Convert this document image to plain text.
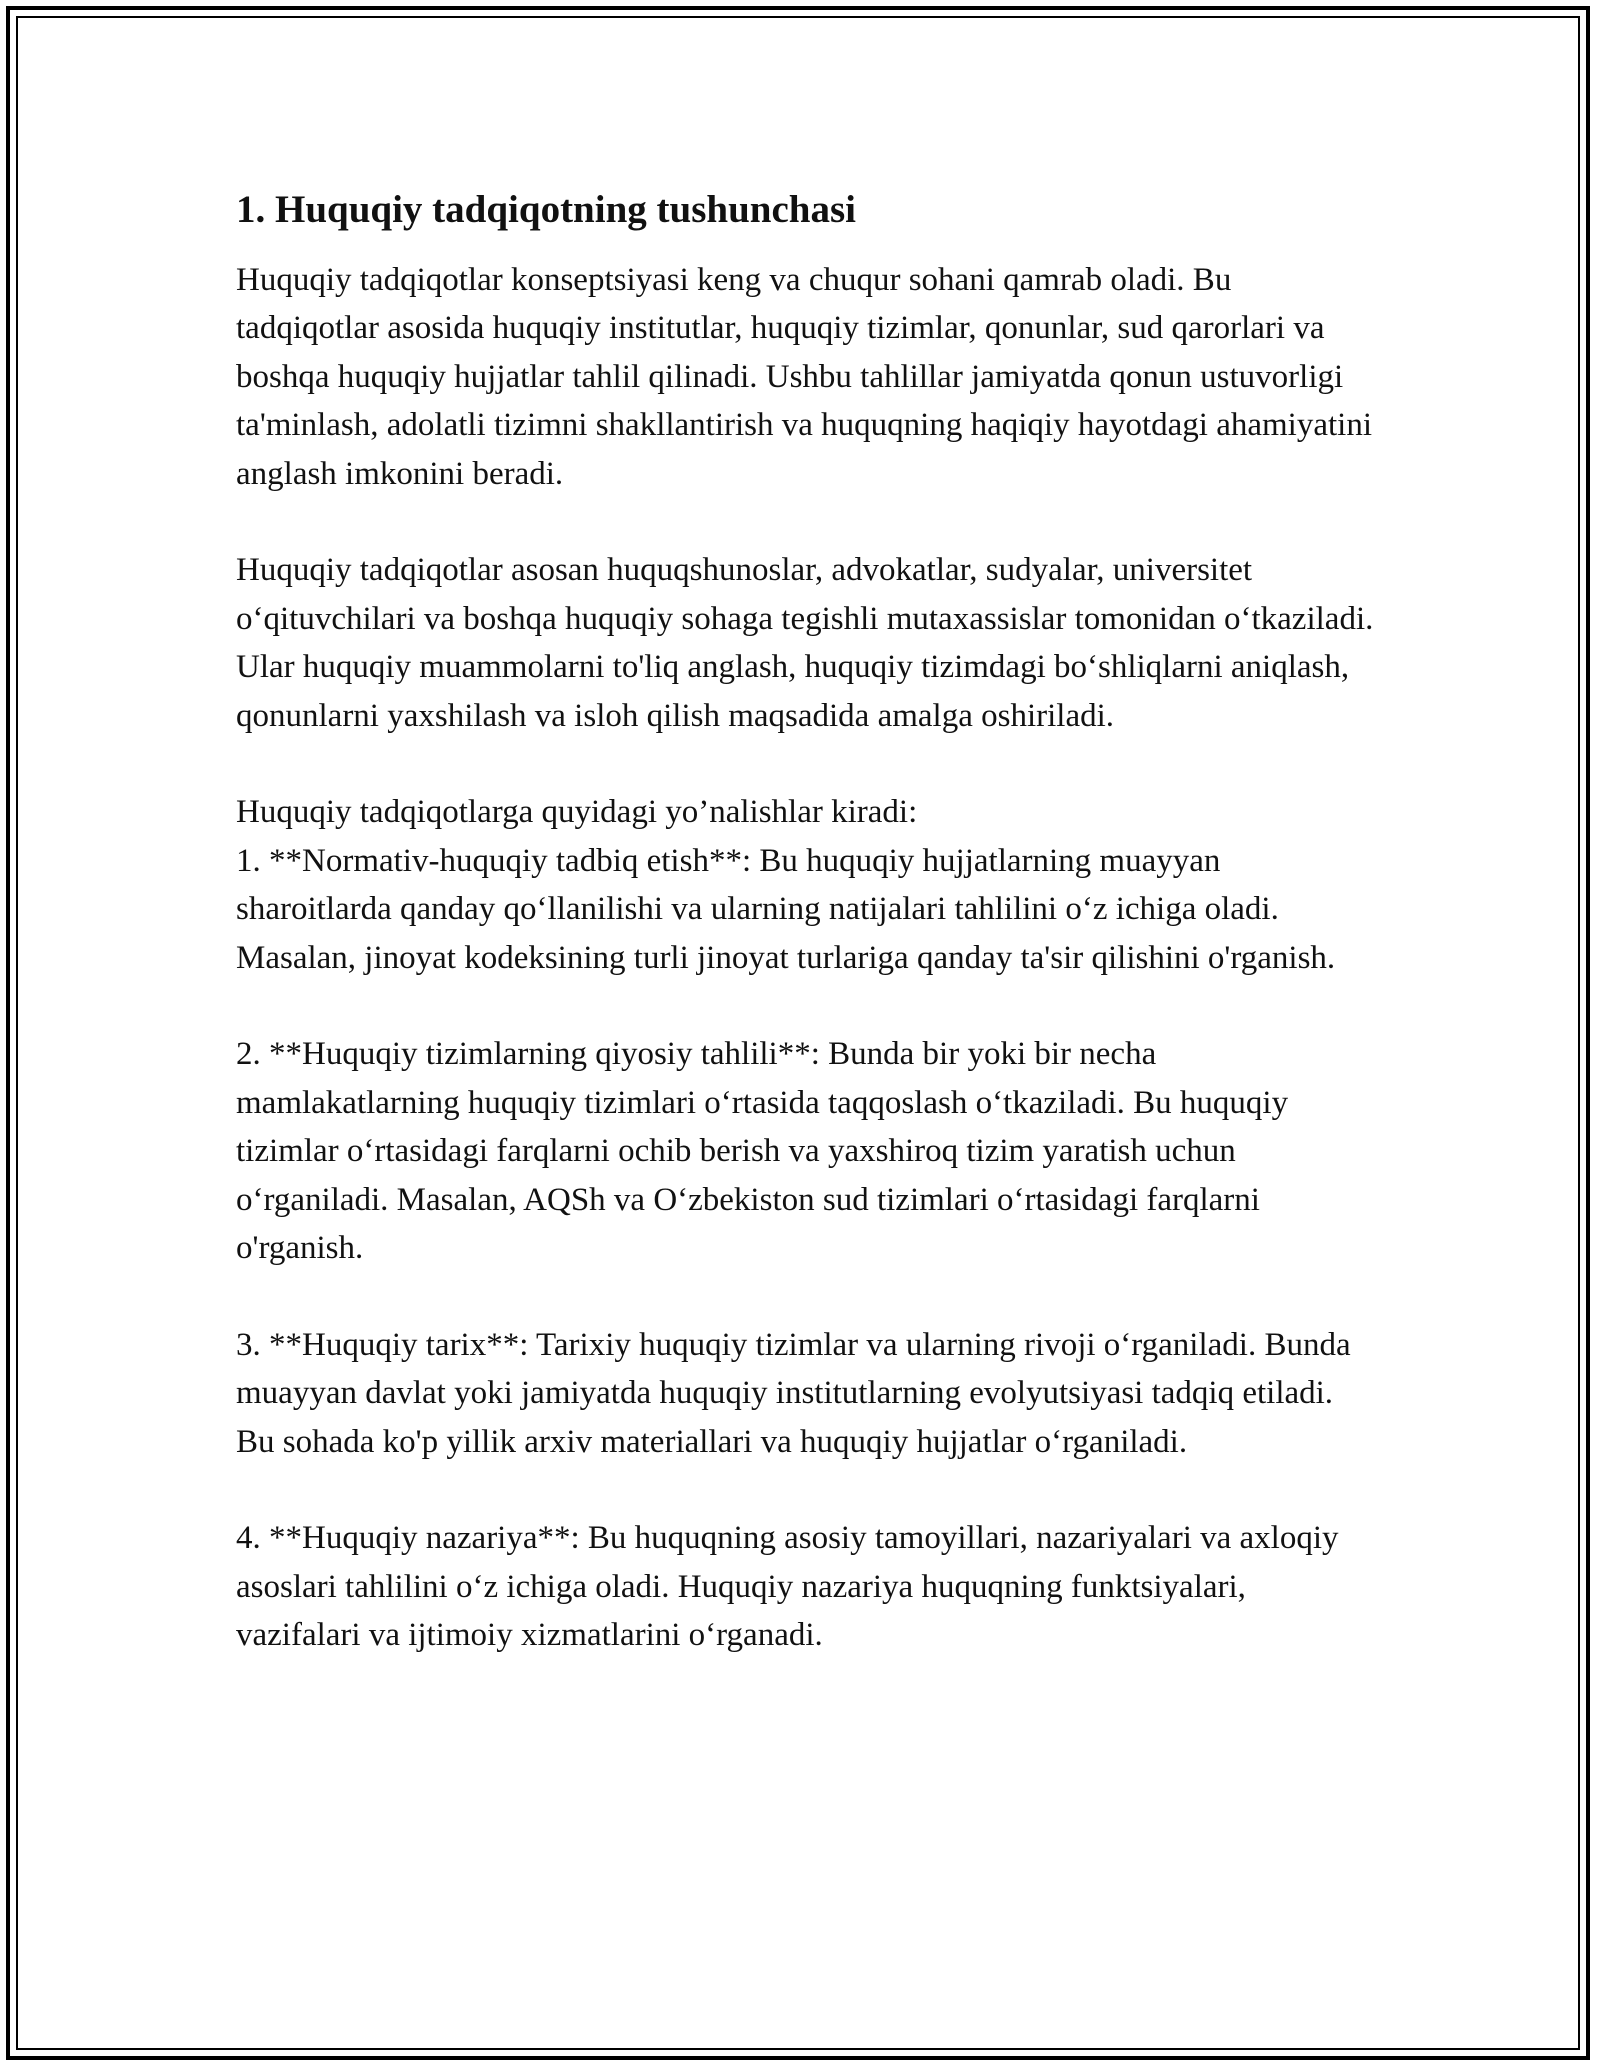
1. Huquqiy tadqiqotning tushunchasi

Huquqiy tadqiqotlar konseptsiyasi keng va chuqur sohani qamrab oladi. Bu tadqiqotlar asosida huquqiy institutlar, huquqiy tizimlar, qonunlar, sud qarorlari va boshqa huquqiy hujjatlar tahlil qilinadi. Ushbu tahlillar jamiyatda qonun ustuvorligi ta'minlash, adolatli tizimni shakllantirish va huquqning haqiqiy hayotdagi ahamiyatini anglash imkonini beradi.

Huquqiy tadqiqotlar asosan huquqshunoslar, advokatlar, sudyalar, universitet o‘qituvchilari va boshqa huquqiy sohaga tegishli mutaxassislar tomonidan o‘tkaziladi. Ular huquqiy muammolarni to'liq anglash, huquqiy tizimdagi bo‘shliqlarni aniqlash, qonunlarni yaxshilash va isloh qilish maqsadida amalga oshiriladi.

Huquqiy tadqiqotlarga quyidagi yo’nalishlar kiradi:

1. **Normativ-huquqiy tadbiq etish**: Bu huquqiy hujjatlarning muayyan sharoitlarda qanday qo‘llanilishi va ularning natijalari tahlilini o‘z ichiga oladi. Masalan, jinoyat kodeksining turli jinoyat turlariga qanday ta'sir qilishini o'rganish.

2. **Huquqiy tizimlarning qiyosiy tahlili**: Bunda bir yoki bir necha mamlakatlarning huquqiy tizimlari o‘rtasida taqqoslash o‘tkaziladi. Bu huquqiy tizimlar o‘rtasidagi farqlarni ochib berish va yaxshiroq tizim yaratish uchun o‘rganiladi. Masalan, AQSh va O‘zbekiston sud tizimlari o‘rtasidagi farqlarni o'rganish.

3. **Huquqiy tarix**: Tarixiy huquqiy tizimlar va ularning rivoji o‘rganiladi. Bunda muayyan davlat yoki jamiyatda huquqiy institutlarning evolyutsiyasi tadqiq etiladi. Bu sohada ko'p yillik arxiv materiallari va huquqiy hujjatlar o‘rganiladi.

4. **Huquqiy nazariya**: Bu huquqning asosiy tamoyillari, nazariyalari va axloqiy asoslari tahlilini o‘z ichiga oladi. Huquqiy nazariya huquqning funktsiyalari, vazifalari va ijtimoiy xizmatlarini o‘rganadi.
